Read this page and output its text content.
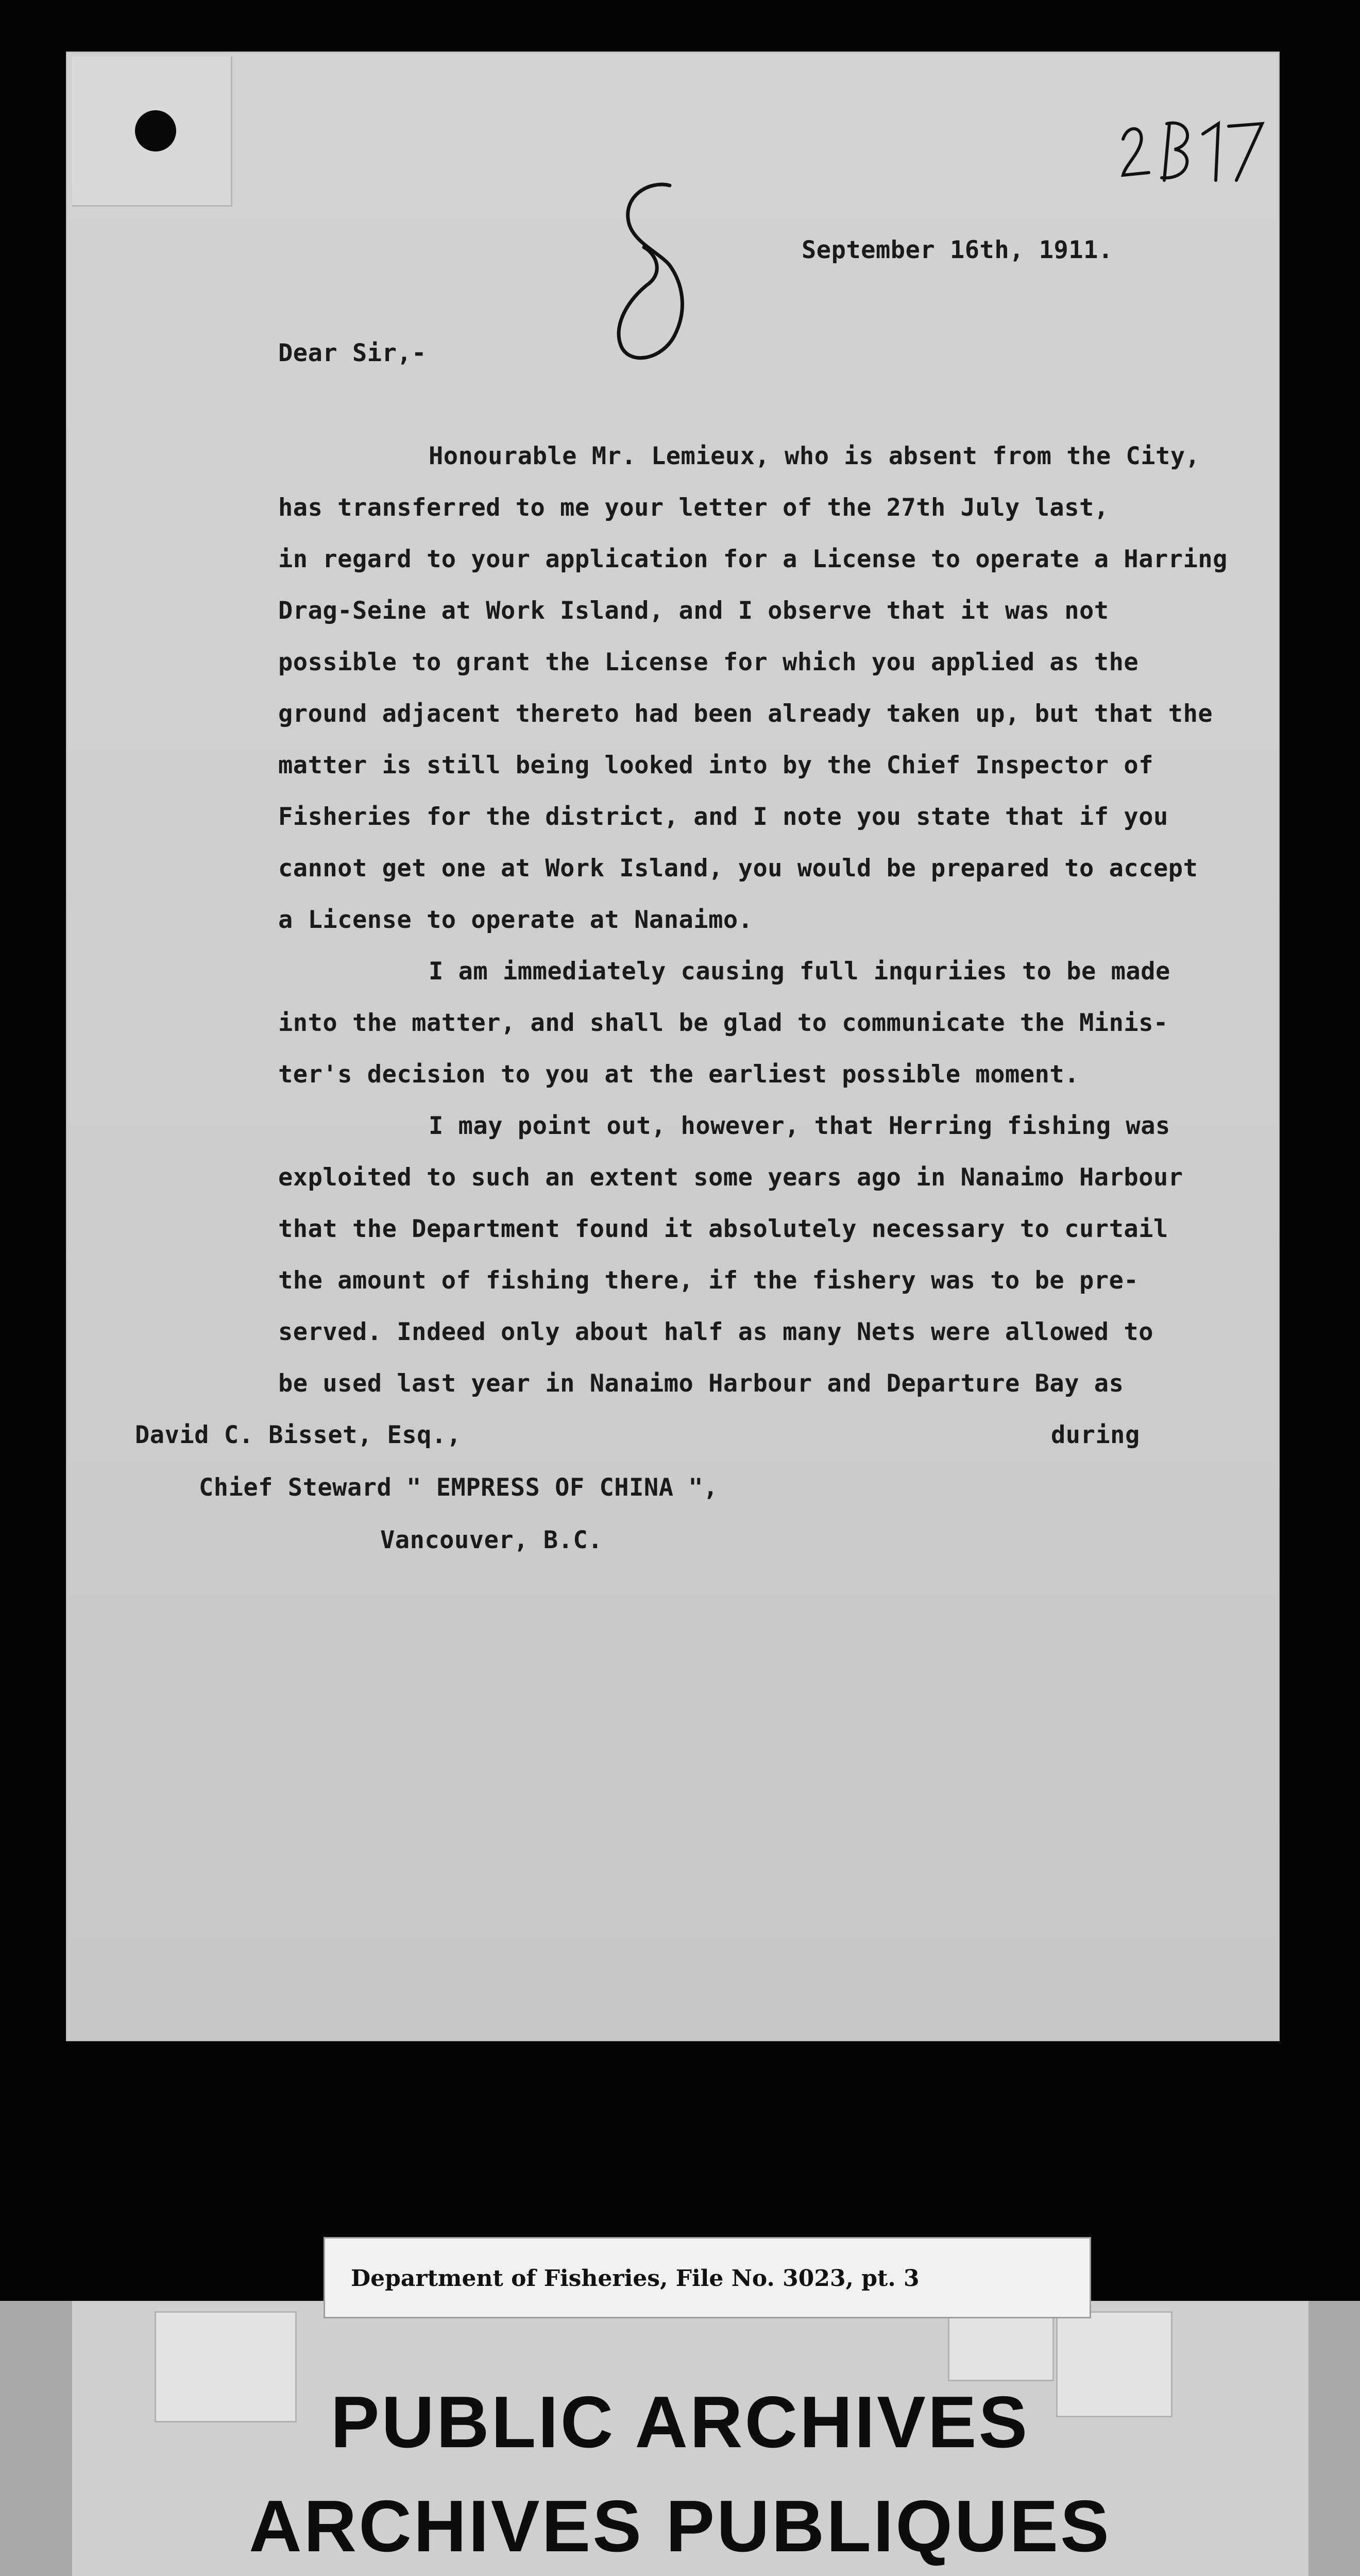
September 16th, 1911.
Dear Sir,-
Honourable Mr. Lemieux, who is absent from the City,
has transferred to me your letter of the 27th July last,
in regard to your application for a License to operate a Harring
Drag-Seine at Work Island, and I observe that it was not
possible to grant the License for which you applied as the
ground adjacent thereto had been already taken up, but that the
matter is still being looked into by the Chief Inspector of
Fisheries for the district, and I note you state that if you
cannot get one at Work Island, you would be prepared to accept
a License to operate at Nanaimo.
I am immediately causing full inquriies to be made
into the matter, and shall be glad to communicate the Minis-
ter's decision to you at the earliest possible moment.
I may point out, however, that Herring fishing was
exploited to such an extent some years ago in Nanaimo Harbour
that the Department found it absolutely necessary to curtail
the amount of fishing there, if the fishery was to be pre-
served. Indeed only about half as many Nets were allowed to
be used last year in Nanaimo Harbour and Departure Bay as
during
David C. Bisset, Esq.,
Chief Steward " EMPRESS OF CHINA ",
Vancouver, B.C.
Department of Fisheries, File No. 3023, pt. 3
PUBLIC ARCHIVES
ARCHIVES PUBLIQUES
